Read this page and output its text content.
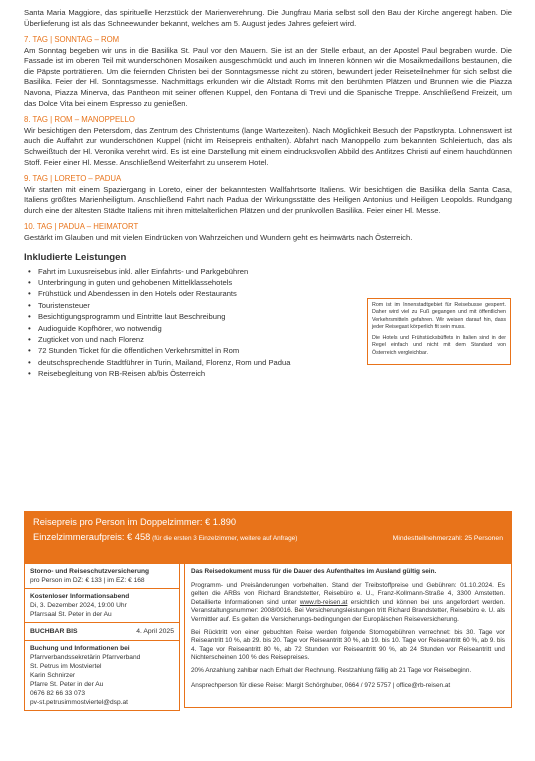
Santa Maria Maggiore, das spirituelle Herzstück der Marienverehrung. Die Jungfrau Maria selbst soll den Bau der Kirche angeregt haben. Die Überlieferung ist als das Schneewunder bekannt, welches am 5. August jedes Jahres gefeiert wird.

7. TAG | SONNTAG – ROM

Am Sonntag begeben wir uns in die Basilika St. Paul vor den Mauern. Sie ist an der Stelle erbaut, an der Apostel Paul begraben wurde. Die Fassade ist im oberen Teil mit wunderschönen Mosaiken ausgeschmückt und auch im Inneren können wir die Mosaikmedaillons bestaunen, die die Päpste porträtieren. Um die feiernden Christen bei der Sonntagsmesse nicht zu stören, bewundert jeder Reiseteilnehmer für sich selbst die Basilika. Feier der Hl. Sonntagsmesse. Nachmittags erkunden wir die Altstadt Roms mit den berühmten Plätzen und Brunnen wie die Piazza Navona, Piazza Minerva, das Pantheon mit seiner offenen Kuppel, den Fontana di Trevi und die Spanische Treppe. Anschließend Freizeit, um das Dolce Vita bei einem Espresso zu genießen.

8. TAG | ROM – MANOPPELLO

Wir besichtigen den Petersdom, das Zentrum des Christentums (lange Wartezeiten). Nach Möglichkeit Besuch der Papstkrypta. Lohnenswert ist auch die Auffahrt zur wunderschönen Kuppel (nicht im Reisepreis enthalten). Abfahrt nach Manoppello zum bekannten Schleiertuch, das als Schweißtuch der Hl. Veronika verehrt wird. Es ist eine Darstellung mit einem eindrucksvollen Abbild des Antlitzes Christi auf einem hauchdünnen Stoff. Feier einer Hl. Messe. Anschließend Weiterfahrt zu unserem Hotel.

9. TAG | LORETO – PADUA

Wir starten mit einem Spaziergang in Loreto, einer der bekanntesten Wallfahrtsorte Italiens. Wir besichtigen die Basilika della Santa Casa, Italiens größtes Marienheiligtum. Anschließend Fahrt nach Padua der Wirkungsstätte des Heiligen Antonius und Heiligen Leopolds. Rundgang durch eine der ältesten Städte Italiens mit ihren mittelalterlichen Plätzen und der prunkvollen Basilika. Feier einer Hl. Messe.

10. TAG | PADUA – HEIMATORT

Gestärkt im Glauben und mit vielen Eindrücken von Wahrzeichen und Wundern geht es heimwärts nach Österreich.

Inkludierte Leistungen
• Fahrt im Luxusreisebus inkl. aller Einfahrts- und Parkgebühren
• Unterbringung in guten und gehobenen Mittelklassehotels
• Frühstück und Abendessen in den Hotels oder Restaurants
• Touristensteuer
• Besichtigungsprogramm und Eintritte laut Beschreibung
• Audioguide Kopfhörer, wo notwendig
• Zugticket von und nach Florenz
• 72 Stunden Ticket für die öffentlichen Verkehrsmittel in Rom
• deutschsprechende Stadtführer in Turin, Mailand, Florenz, Rom und Padua
• Reisebegleitung von RB-Reisen ab/bis Österreich

Rom ist im Innenstadtgebiet für Reisebusse gesperrt. Daher wird viel zu Fuß gegangen und mit öffentlichen Verkehrsmitteln gefahren. Wir weisen darauf hin, dass jeder Reisegast körperlich fit sein muss.

Die Hotels und Frühstücksbüffets in Italien sind in der Regel einfach und nicht mit dem Standard von Österreich vergleichbar.

Reisepreis pro Person im Doppelzimmer: € 1.890
Einzelzimmeraufpreis: € 458 (für die ersten 3 Einzelzimmer, weitere auf Anfrage)	Mindestteilnehmerzahl: 25 Personen
Storno- und Reiseschutzversicherung
pro Person im DZ: € 133 | im EZ: € 168
Kostenloser Informationsabend
Di, 3. Dezember 2024, 19:00 Uhr
Pfarrsaal St. Peter in der Au
BUCHBAR BIS	4. April 2025
Buchung und Informationen bei
Pfarrverbandssekretärin Pfarrverband
St. Petrus im Mostviertel
Karin Schnirzer
Pfarre St. Peter in der Au
0676 82 66 33 073
pv-st.petrusimmostviertel@dsp.at
Das Reisedokument muss für die Dauer des Aufenthaltes im Ausland gültig sein.

Programm- und Preisänderungen vorbehalten. Stand der Treibstoffpreise und Gebühren: 01.10.2024. Es gelten die ARBs von Richard Brandstetter, Reisebüro e. U., Franz-Kollmann-Straße 4, 3300 Amstetten. Detaillierte Informationen sind unter www.rb-reisen.at ersichtlich und können bei uns angefordert werden. Veranstaltungsnummer: 2008/0016. Bei Versicherungsleistungen tritt Richard Brandstetter, Reisebüro e. U. als Vermittler auf. Es gelten die Versicherungs-bedingungen der Europäischen Reiseversicherung.

Bei Rücktritt von einer gebuchten Reise werden folgende Stornogebühren verrechnet: bis 30. Tage vor Reiseantritt 10 %, ab 29. bis 20. Tage vor Reiseantritt 30 %, ab 19. bis 10. Tage vor Reiseantritt 60 %, ab 9. bis 4. Tage vor Reiseantritt 80 %, ab 72 Stunden vor Reiseantritt 90 %, ab 24 Stunden vor Reiseantritt und Nichterscheinen 100 % des Reisepreises.

20% Anzahlung zahlbar nach Erhalt der Rechnung. Restzahlung fällig ab 21 Tage vor Reisebeginn.

Ansprechperson für diese Reise: Margit Schörghuber, 0664 / 972 5757 | office@rb-reisen.at
